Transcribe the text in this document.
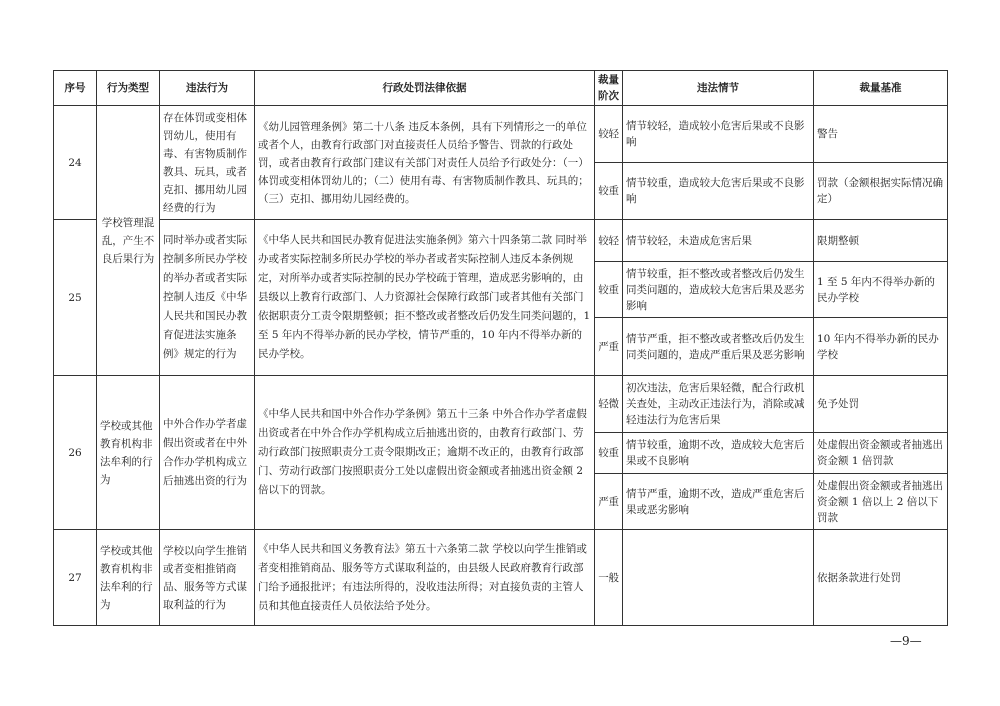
序号	行为类型	违法行为	行政处罚法律依据	裁量阶次	违法情节	裁量基准
24	学校管理混乱，产生不良后果行为	存在体罚或变相体罚幼儿，使用有毒、有害物质制作教具、玩具，或者克扣、挪用幼儿园经费的行为	《幼儿园管理条例》第二十八条 违反本条例，具有下列情形之一的单位或者个人，由教育行政部门对直接责任人员给予警告、罚款的行政处罚，或者由教育行政部门建议有关部门对责任人员给予行政处分：（一）体罚或变相体罚幼儿的；（二）使用有毒、有害物质制作教具、玩具的；（三）克扣、挪用幼儿园经费的。	较轻	情节较轻，造成较小危害后果或不良影响	警告
				较重	情节较重，造成较大危害后果或不良影响	罚款（金额根据实际情况确定）
25		同时举办或者实际控制多所民办学校的举办者或者实际控制人违反《中华人民共和国民办教育促进法实施条例》规定的行为	《中华人民共和国民办教育促进法实施条例》第六十四条第二款 同时举办或者实际控制多所民办学校的举办者或者实际控制人违反本条例规定，对所举办或者实际控制的民办学校疏于管理，造成恶劣影响的，由县级以上教育行政部门、人力资源社会保障行政部门或者其他有关部门依据职责分工责令限期整顿；拒不整改或者整改后仍发生同类问题的，1 至 5 年内不得举办新的民办学校，情节严重的，10 年内不得举办新的民办学校。	较轻	情节较轻，未造成危害后果	限期整顿
				较重	情节较重，拒不整改或者整改后仍发生同类问题的，造成较大危害后果及恶劣影响	1 至 5 年内不得举办新的民办学校
				严重	情节严重，拒不整改或者整改后仍发生同类问题的，造成严重后果及恶劣影响	10 年内不得举办新的民办学校
26	学校或其他教育机构非法牟利的行为	中外合作办学者虚假出资或者在中外合作办学机构成立后抽逃出资的行为	《中华人民共和国中外合作办学条例》第五十三条 中外合作办学者虚假出资或者在中外合作办学机构成立后抽逃出资的，由教育行政部门、劳动行政部门按照职责分工责令限期改正；逾期不改正的，由教育行政部门、劳动行政部门按照职责分工处以虚假出资金额或者抽逃出资金额 2 倍以下的罚款。	轻微	初次违法，危害后果轻微，配合行政机关查处，主动改正违法行为，消除或减轻违法行为危害后果	免予处罚
				较重	情节较重，逾期不改，造成较大危害后果或不良影响	处虚假出资金额或者抽逃出资金额 1 倍罚款
				严重	情节严重，逾期不改，造成严重危害后果或恶劣影响	处虚假出资金额或者抽逃出资金额 1 倍以上 2 倍以下罚款
27	学校或其他教育机构非法牟利的行为	学校以向学生推销或者变相推销商品、服务等方式谋取利益的行为	《中华人民共和国义务教育法》第五十六条第二款 学校以向学生推销或者变相推销商品、服务等方式谋取利益的，由县级人民政府教育行政部门给予通报批评；有违法所得的，没收违法所得；对直接负责的主管人员和其他直接责任人员依法给予处分。	一般		依据条款进行处罚
—9—
